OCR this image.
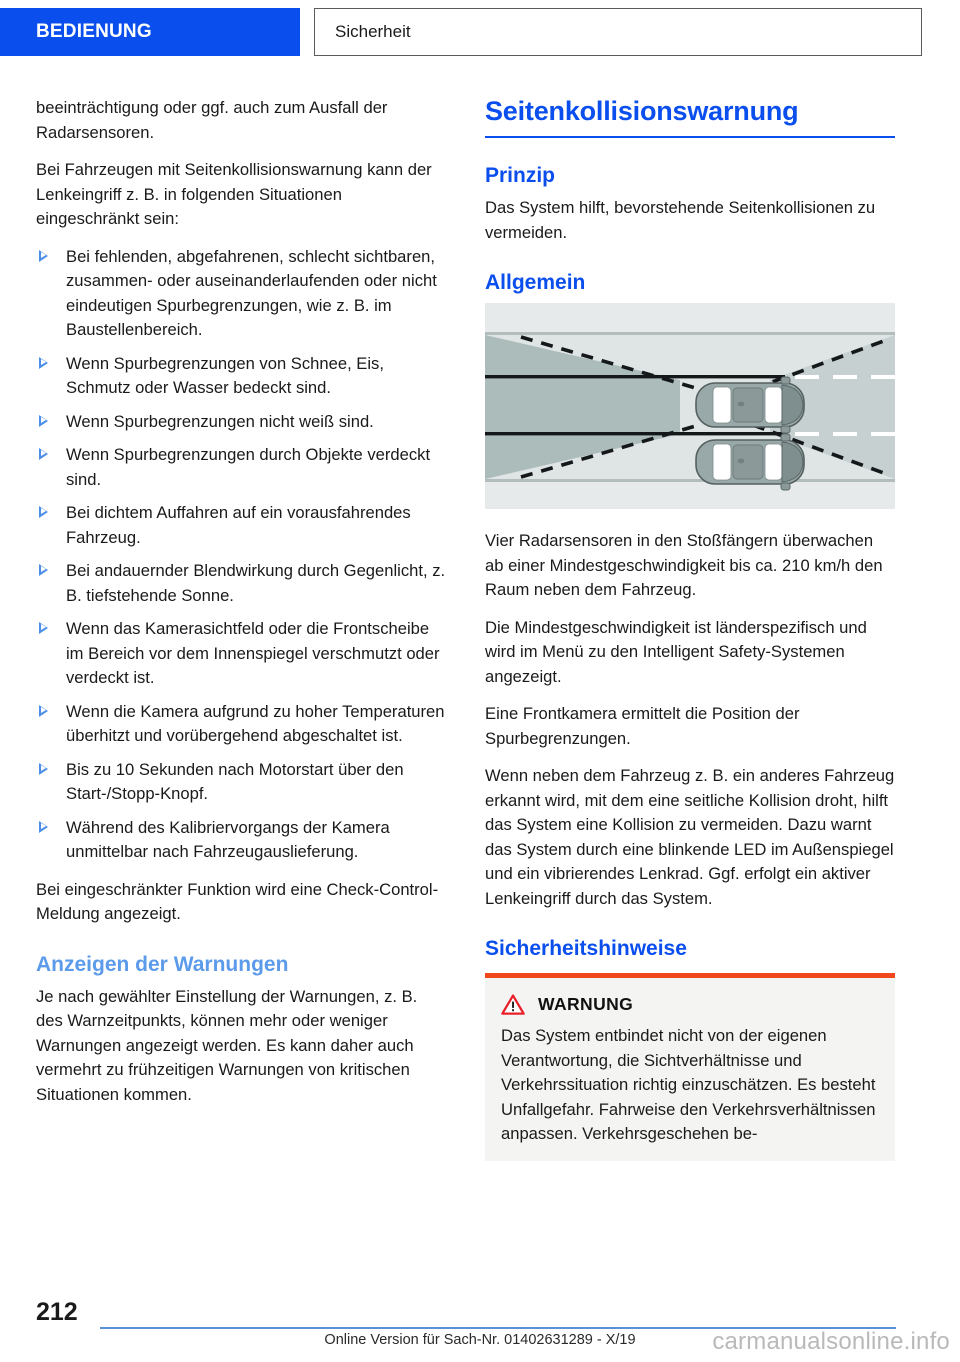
BEDIENUNG	Sicherheit

beeinträchtigung oder ggf. auch zum Ausfall der Radarsensoren.

Bei Fahrzeugen mit Seitenkollisionswarnung kann der Lenkeingriff z. B. in folgenden Situationen eingeschränkt sein:

Bei fehlenden, abgefahrenen, schlecht sichtbaren, zusammen- oder auseinanderlaufenden oder nicht eindeutigen Spurbegrenzungen, wie z. B. im Baustellenbereich.
Wenn Spurbegrenzungen von Schnee, Eis, Schmutz oder Wasser bedeckt sind.
Wenn Spurbegrenzungen nicht weiß sind.
Wenn Spurbegrenzungen durch Objekte verdeckt sind.
Bei dichtem Auffahren auf ein vorausfahrendes Fahrzeug.
Bei andauernder Blendwirkung durch Gegenlicht, z. B. tiefstehende Sonne.
Wenn das Kamerasichtfeld oder die Frontscheibe im Bereich vor dem Innenspiegel verschmutzt oder verdeckt ist.
Wenn die Kamera aufgrund zu hoher Temperaturen überhitzt und vorübergehend abgeschaltet ist.
Bis zu 10 Sekunden nach Motorstart über den Start-/Stopp-Knopf.
Während des Kalibriervorgangs der Kamera unmittelbar nach Fahrzeugauslieferung.

Bei eingeschränkter Funktion wird eine Check-Control-Meldung angezeigt.

Anzeigen der Warnungen

Je nach gewählter Einstellung der Warnungen, z. B. des Warnzeitpunkts, können mehr oder weniger Warnungen angezeigt werden. Es kann daher auch vermehrt zu frühzeitigen Warnungen von kritischen Situationen kommen.

Seitenkollisionswarnung
Prinzip

Das System hilft, bevorstehende Seitenkollisionen zu vermeiden.

Allgemein

Vier Radarsensoren in den Stoßfängern überwachen ab einer Mindestgeschwindigkeit bis ca. 210 km/h den Raum neben dem Fahrzeug.

Die Mindestgeschwindigkeit ist länderspezifisch und wird im Menü zu den Intelligent Safety-Systemen angezeigt.

Eine Frontkamera ermittelt die Position der Spurbegrenzungen.

Wenn neben dem Fahrzeug z. B. ein anderes Fahrzeug erkannt wird, mit dem eine seitliche Kollision droht, hilft das System eine Kollision zu vermeiden. Dazu warnt das System durch eine blinkende LED im Außenspiegel und ein vibrierendes Lenkrad. Ggf. erfolgt ein aktiver Lenkeingriff durch das System.

Sicherheitshinweise
WARNUNG

Das System entbindet nicht von der eigenen Verantwortung, die Sichtverhältnisse und Verkehrssituation richtig einzuschätzen. Es besteht Unfallgefahr. Fahrweise den Verkehrsverhältnissen anpassen. Verkehrsgeschehen be-

212
Online Version für Sach-Nr. 01402631289 - X/19	carmanualsonline.info
